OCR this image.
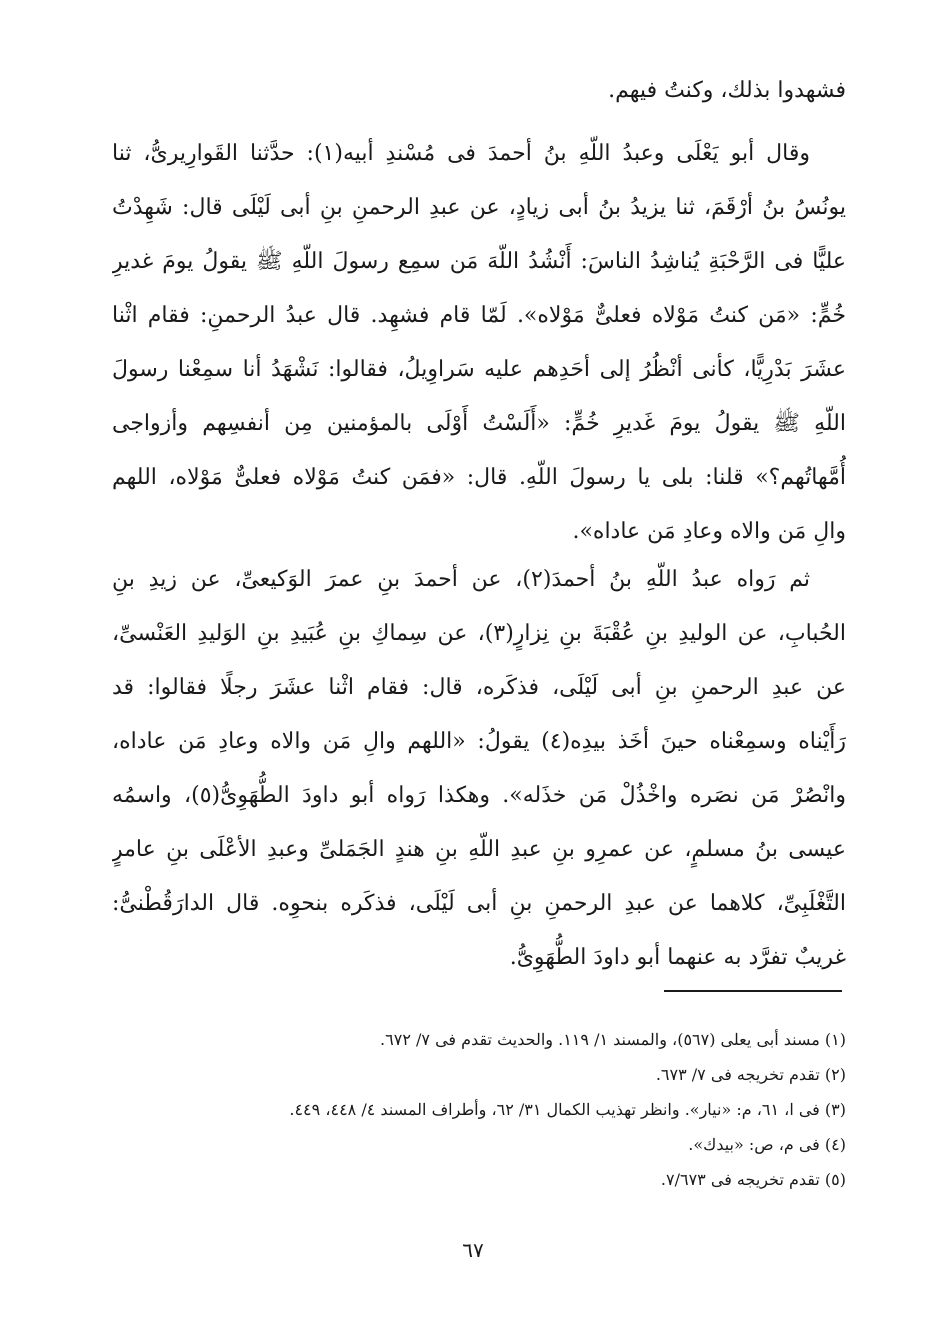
فشهدوا بذلك، وكنتُ فيهم.
وقال أبو يَعْلَى وعبدُ اللّهِ بنُ أحمدَ فى مُسْندِ أبيه(١): حدَّثنا القَوارِيرىُّ، ثنا
يونُسُ بنُ أرْقَمَ، ثنا يزيدُ بنُ أبى زيادٍ، عن عبدِ الرحمنِ بنِ أبى لَيْلَى قال: شَهِدْتُ
عليًّا فى الرَّحْبَةِ يُناشِدُ الناسَ: أَنْشُدُ اللّهَ مَن سمِع رسولَ اللّهِ ﷺ يقولُ يومَ غديرِ
خُمٍّ: «مَن كنتُ مَوْلاه فعلىٌّ مَوْلاه». لَمّا قام فشهِد. قال عبدُ الرحمنِ: فقام اثْنا
عشَرَ بَدْرِيًّا، كأنى أنْظُرُ إلى أحَدِهم عليه سَراوِيلُ، فقالوا: نَشْهَدُ أنا سمِعْنا رسولَ
اللّهِ ﷺ يقولُ يومَ غَديرِ خُمٍّ: «أَلَسْتُ أَوْلَى بالمؤمنين مِن أنفسِهم وأزواجى
أُمَّهاتُهم؟» قلنا: بلى يا رسولَ اللّهِ. قال: «فمَن كنتُ مَوْلاه فعلىٌّ مَوْلاه، اللهم
والِ مَن والاه وعادِ مَن عاداه».
ثم رَواه عبدُ اللّهِ بنُ أحمدَ(٢)، عن أحمدَ بنِ عمرَ الوَكيعىِّ، عن زيدِ بنِ
الحُبابِ، عن الوليدِ بنِ عُقْبَةَ بنِ نِزارٍ(٣)، عن سِماكِ بنِ عُبَيدِ بنِ الوَليدِ العَنْسىِّ،
عن عبدِ الرحمنِ بنِ أبى لَيْلَى، فذكَره، قال: فقام اثْنا عشَرَ رجلًا فقالوا: قد
رَأَيْناه وسمِعْناه حينَ أخَذ بيدِه(٤) يقولُ: «اللهم والِ مَن والاه وعادِ مَن عاداه،
وانْصُرْ مَن نصَره واخْذُلْ مَن خذَله». وهكذا رَواه أبو داودَ الطُّهَوِىُّ(٥)، واسمُه
عيسى بنُ مسلمٍ، عن عمرِو بنِ عبدِ اللّهِ بنِ هندٍ الجَمَلىِّ وعبدِ الأعْلَى بنِ عامرٍ
التَّغْلَبِىِّ، كلاهما عن عبدِ الرحمنِ بنِ أبى لَيْلَى، فذكَره بنحوِه. قال الدارَقُطْنىُّ:
غريبٌ تفرَّد به عنهما أبو داودَ الطُّهَوِىُّ.
(١) مسند أبى يعلى (٥٦٧)، والمسند ١/ ١١٩. والحديث تقدم فى ٧/ ٦٧٢.
(٢) تقدم تخريجه فى ٧/ ٦٧٣.
(٣) فى ا، ٦١، م: «نيار». وانظر تهذيب الكمال ٣١/ ٦٢، وأطراف المسند ٤/ ٤٤٨، ٤٤٩.
(٤) فى م، ص: «بيدك».
(٥) تقدم تخريجه فى ٧/٦٧٣.
٦٧
